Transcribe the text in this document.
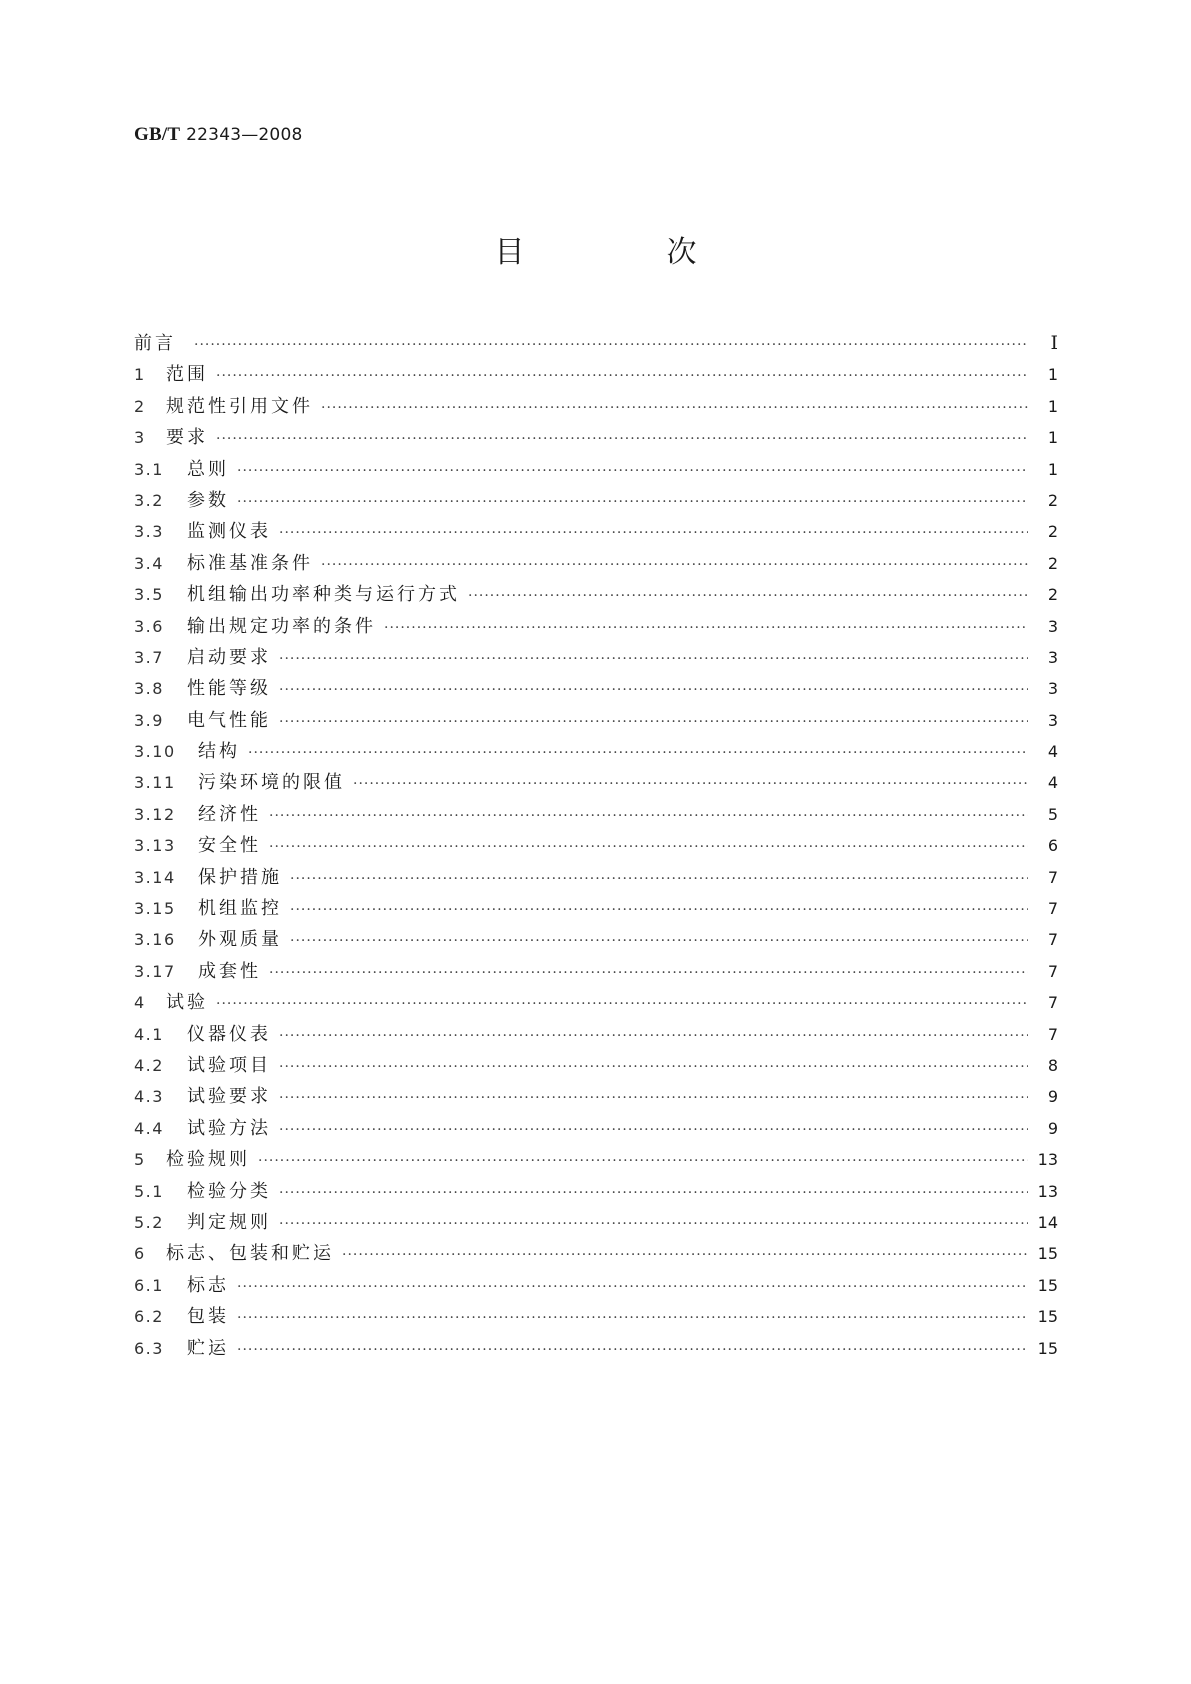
GB/T 22343—2008
目　次
前言 ·····	Ⅰ
1	范围 ·····	1
2	规范性引用文件 ·····	1
3	要求 ·····	1
3.1	总则 ·····	1
3.2	参数 ·····	2
3.3	监测仪表 ·····	2
3.4	标准基准条件 ·····	2
3.5	机组输出功率种类与运行方式 ·····	2
3.6	输出规定功率的条件 ·····	3
3.7	启动要求 ·····	3
3.8	性能等级 ·····	3
3.9	电气性能 ·····	3
3.10	结构 ·····	4
3.11	污染环境的限值 ·····	4
3.12	经济性 ·····	5
3.13	安全性 ·····	6
3.14	保护措施 ·····	7
3.15	机组监控 ·····	7
3.16	外观质量 ·····	7
3.17	成套性 ·····	7
4	试验 ·····	7
4.1	仪器仪表 ·····	7
4.2	试验项目 ·····	8
4.3	试验要求 ·····	9
4.4	试验方法 ·····	9
5	检验规则 ·····	13
5.1	检验分类 ·····	13
5.2	判定规则 ·····	14
6	标志、包装和贮运 ·····	15
6.1	标志 ·····	15
6.2	包装 ·····	15
6.3	贮运 ·····	15
